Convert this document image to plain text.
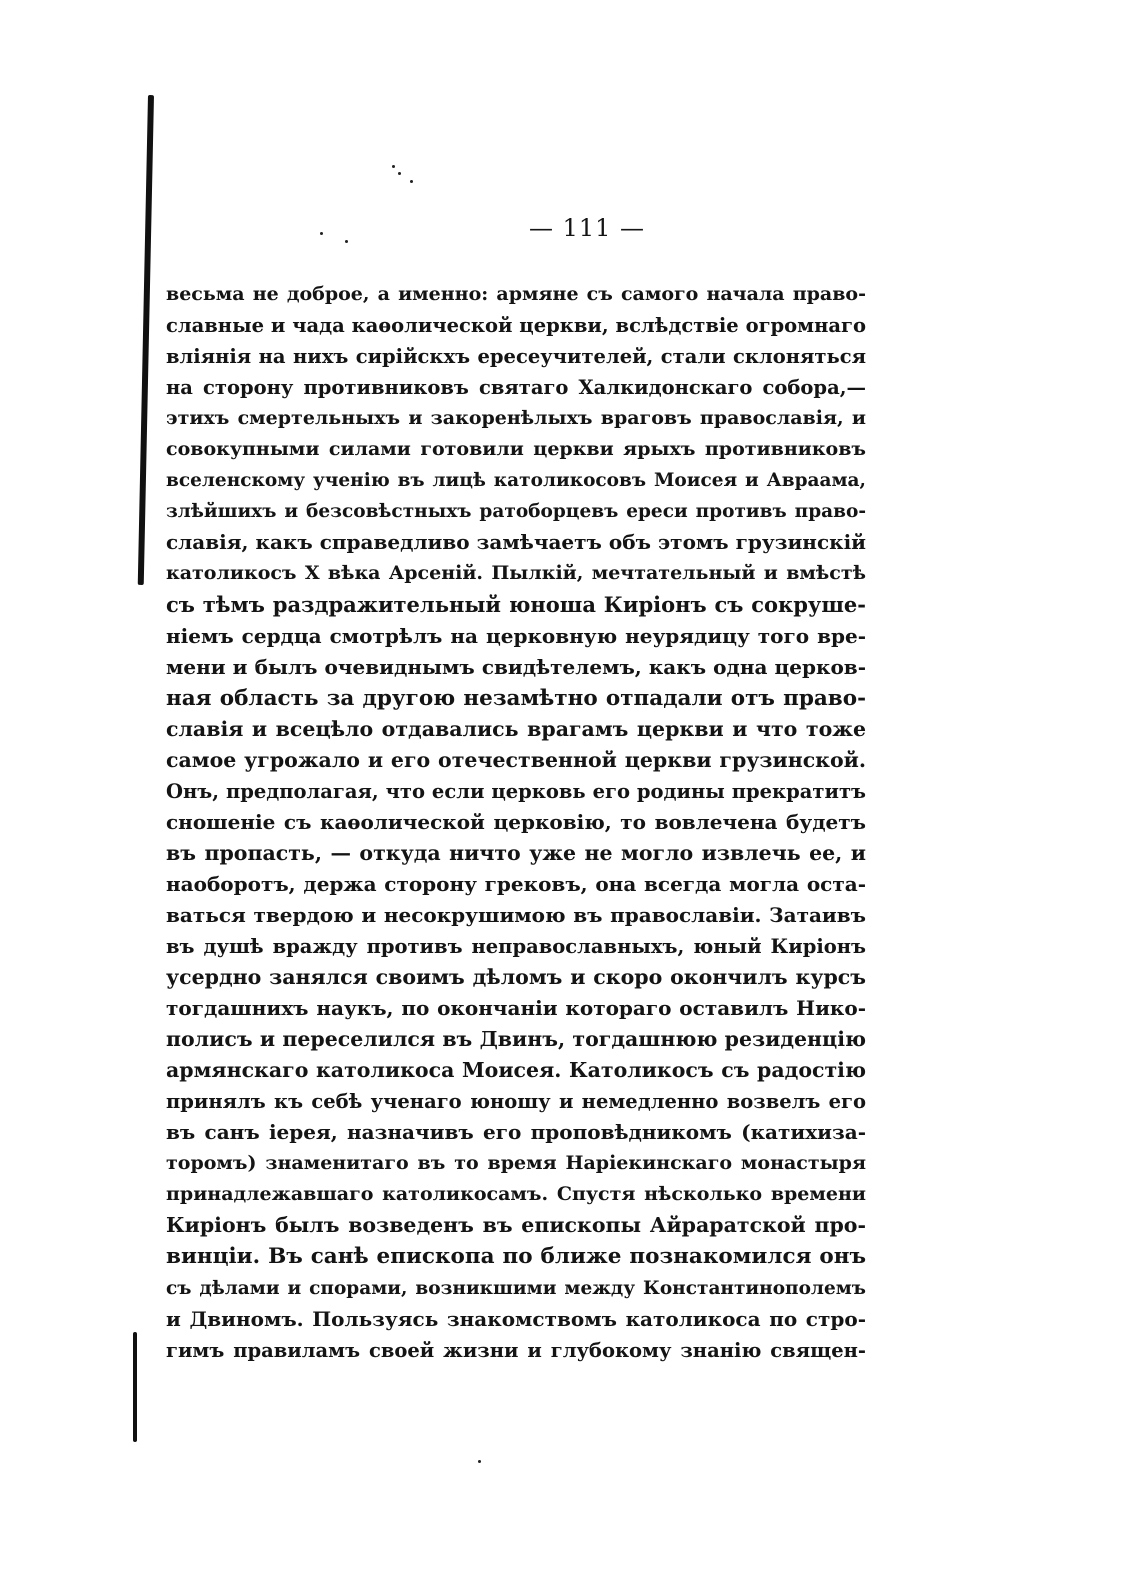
— 111 —
весьма не доброе, а именно: армяне съ самого начала право-
славные и чада каѳолической церкви, вслѣдствіе огромнаго
вліянія на нихъ сирійскхъ ересеучителей, стали склоняться
на сторону противниковъ святаго Халкидонскаго собора,—
этихъ смертельныхъ и закоренѣлыхъ враговъ православія, и
совокупными силами готовили церкви ярыхъ противниковъ
вселенскому ученію въ лицѣ католикосовъ Моисея и Авраама,
злѣйшихъ и безсовѣстныхъ ратоборцевъ ереси противъ право-
славія, какъ справедливо замѣчаетъ объ этомъ грузинскій
католикосъ X вѣка Арсеній. Пылкій, мечтательный и вмѣстѣ
съ тѣмъ раздражительный юноша Кирiонъ съ сокруше-
ніемъ сердца смотрѣлъ на церковную неурядицу того вре-
мени и былъ очевиднымъ свидѣтелемъ, какъ одна церков-
ная область за другою незамѣтно отпадали отъ право-
славія и всецѣло отдавались врагамъ церкви и что тоже
самое угрожало и его отечественной церкви грузинской.
Онъ, предполагая, что если церковь его родины прекратитъ
сношеніе съ каѳолической церковію, то вовлечена будетъ
въ пропасть, — откуда ничто уже не могло извлечь ее, и
наоборотъ, держа сторону грековъ, она всегда могла оста-
ваться твердою и несокрушимою въ православіи. Затаивъ
въ душѣ вражду противъ неправославныхъ, юный Кирiонъ
усердно занялся своимъ дѣломъ и скоро окончилъ курсъ
тогдашнихъ наукъ, по окончаніи котораго оставилъ Нико-
полисъ и переселился въ Двинъ, тогдашнюю резиденцію
армянскаго католикоса Моисея. Католикосъ съ радостію
принялъ къ себѣ ученаго юношу и немедленно возвелъ его
въ санъ іерея, назначивъ его проповѣдникомъ (катихиза-
торомъ) знаменитаго въ то время Наріекинскаго монастыря
принадлежавшаго католикосамъ. Спустя нѣсколько времени
Кирiонъ былъ возведенъ въ епископы Айраратской про-
винціи. Въ санѣ епископа по ближе познакомился онъ
съ дѣлами и спорами, возникшими между Константинополемъ
и Двиномъ. Пользуясь знакомствомъ католикоса по стро-
гимъ правиламъ своей жизни и глубокому знанію священ-
